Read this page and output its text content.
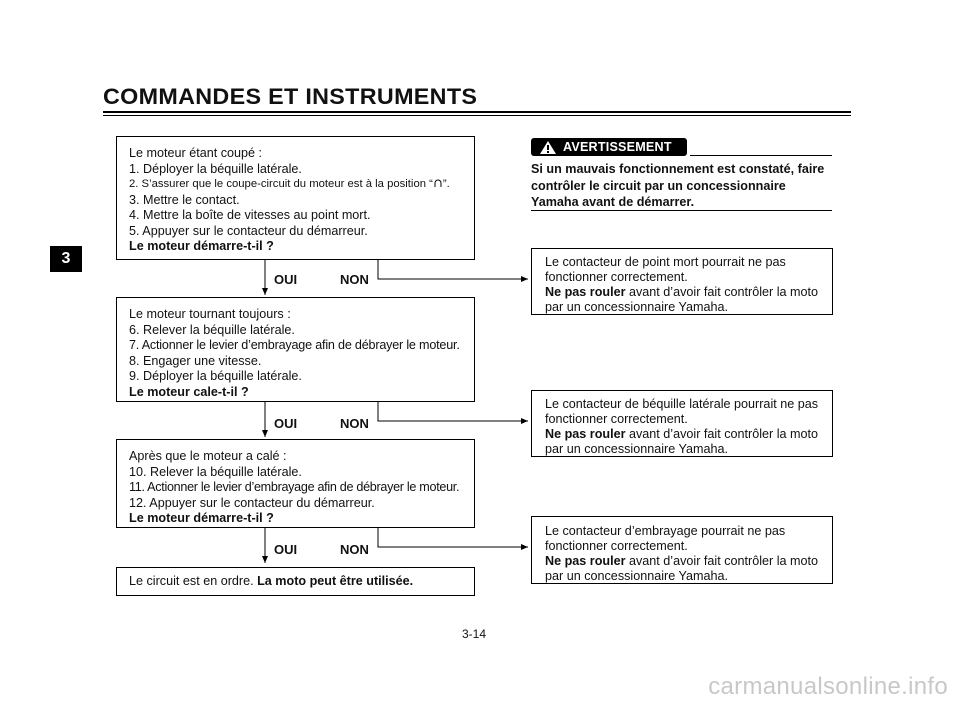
COMMANDES ET INSTRUMENTS
3
Le moteur étant coupé :
1. Déployer la béquille latérale.
2. S’assurer que le coupe-circuit du moteur est à la position “ ”.
3. Mettre le contact.
4. Mettre la boîte de vitesses au point mort.
5. Appuyer sur le contacteur du démarreur.
Le moteur démarre-t-il ?
OUI	NON
Le moteur tournant toujours :
6. Relever la béquille latérale.
7. Actionner le levier d’embrayage afin de débrayer le moteur.
8. Engager une vitesse.
9. Déployer la béquille latérale.
Le moteur cale-t-il ?
OUI	NON
Après que le moteur a calé :
10. Relever la béquille latérale.
11. Actionner le levier d’embrayage afin de débrayer le moteur.
12. Appuyer sur le contacteur du démarreur.
Le moteur démarre-t-il ?
OUI	NON
Le circuit est en ordre. La moto peut être utilisée.
AVERTISSEMENT
Si un mauvais fonctionnement est constaté, faire
contrôler le circuit par un concessionnaire
Yamaha avant de démarrer.
Le contacteur de point mort pourrait ne pas
fonctionner correctement.
Ne pas rouler avant d’avoir fait contrôler la moto
par un concessionnaire Yamaha.
Le contacteur de béquille latérale pourrait ne pas
fonctionner correctement.
Ne pas rouler avant d’avoir fait contrôler la moto
par un concessionnaire Yamaha.
Le contacteur d’embrayage pourrait ne pas
fonctionner correctement.
Ne pas rouler avant d’avoir fait contrôler la moto
par un concessionnaire Yamaha.
3-14
carmanualsonline.info
